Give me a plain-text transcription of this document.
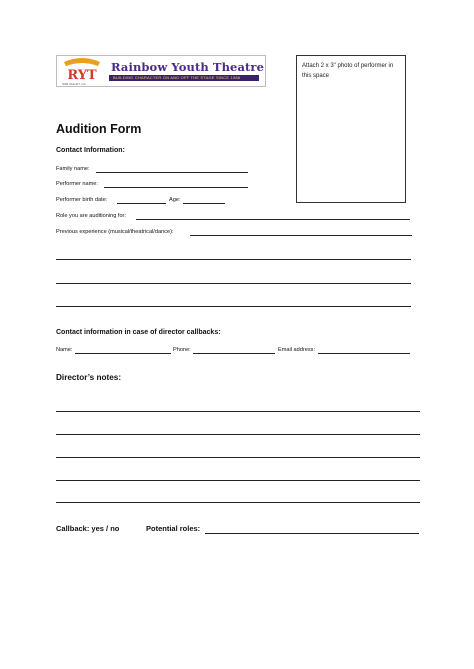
RYT
Rainbow Youth Theatre
BUILDING CHARACTER ON AND OFF THE STAGE SINCE 1988
SIMI VALLEY, CA
Attach 2 x 3" photo of performer in this space
Audition Form
Contact Information:
Family name:
Performer name:
Performer birth date:	Age:
Role you are auditioning for:
Previous experience (musical/theatrical/dance):
Contact information in case of director callbacks:
Name:	Phone:	Email address:
Director’s notes:
Callback: yes / no	Potential roles:
